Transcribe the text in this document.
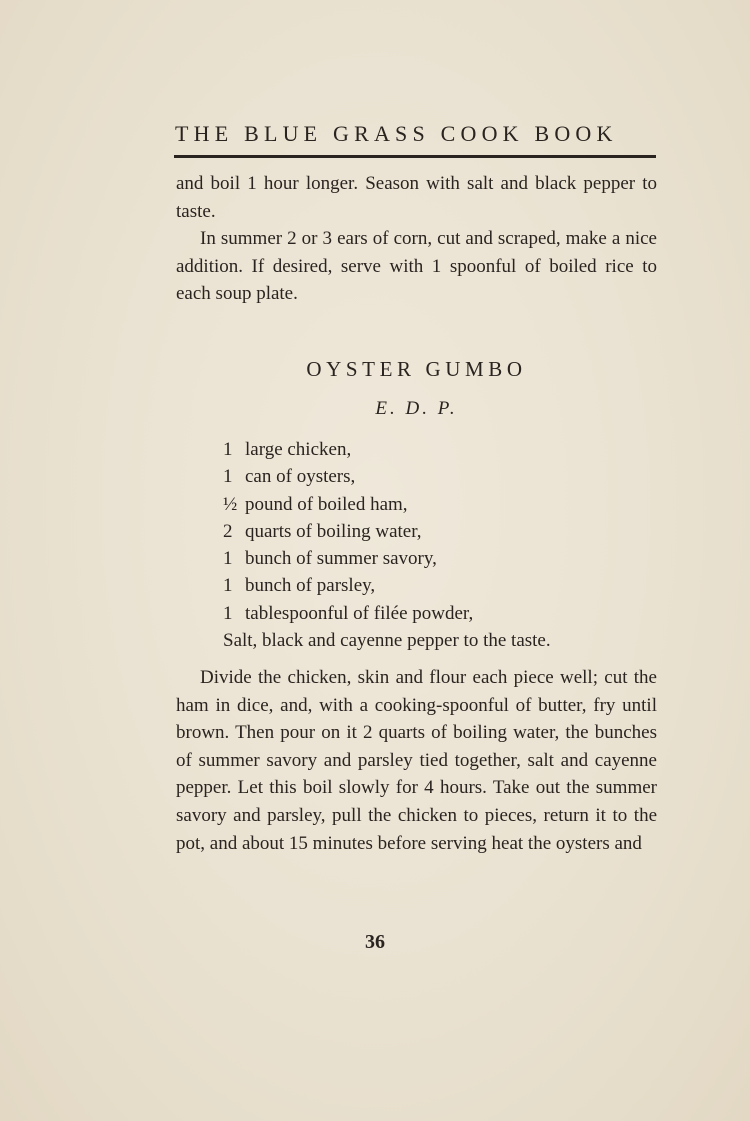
THE BLUE GRASS COOK BOOK

and boil 1 hour longer. Season with salt and black pepper to taste.

In summer 2 or 3 ears of corn, cut and scraped, make a nice addition. If desired, serve with 1 spoonful of boiled rice to each soup plate.

OYSTER GUMBO
E. D. P.
1 large chicken,
1 can of oysters,
½ pound of boiled ham,
2 quarts of boiling water,
1 bunch of summer savory,
1 bunch of parsley,
1 tablespoonful of filée powder,
Salt, black and cayenne pepper to the taste.

Divide the chicken, skin and flour each piece well; cut the ham in dice, and, with a cooking-spoonful of butter, fry until brown. Then pour on it 2 quarts of boiling water, the bunches of summer savory and parsley tied together, salt and cayenne pepper. Let this boil slowly for 4 hours. Take out the summer savory and parsley, pull the chicken to pieces, return it to the pot, and about 15 minutes before serving heat the oysters and

36
